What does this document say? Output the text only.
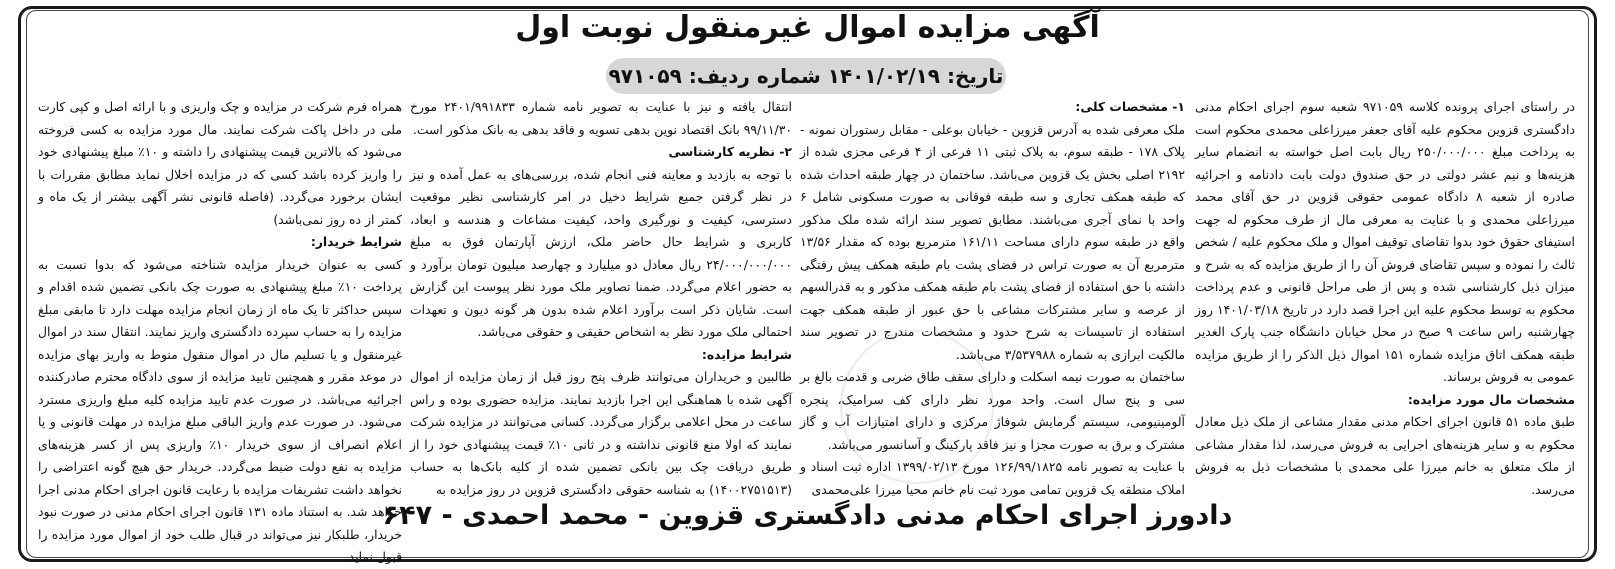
آگهی مزایده اموال غیرمنقول نوبت اول
تاریخ: ۱۴۰۱/۰۲/۱۹ شماره ردیف: ۹۷۱۰۵۹

در راستای اجرای پرونده کلاسه ۹۷۱۰۵۹ شعبه سوم اجرای احکام مدنی دادگستری قزوین محکوم علیه آقای جعفر میرزاعلی محمدی محکوم است به پرداخت مبلغ ۲۵۰/۰۰۰/۰۰۰ ریال بابت اصل خواسته به انضمام سایر هزینه‌ها و نیم عشر دولتی در حق صندوق دولت بابت دادنامه و اجرائیه صادره از شعبه ۸ دادگاه عمومی حقوقی قزوین در حق آقای محمد میرزاعلی محمدی و با عنایت به معرفی مال از طرف محکوم له جهت استیفای حقوق خود بدوا تقاضای توقیف اموال و ملک محکوم علیه / شخص ثالث را نموده و سپس تقاضای فروش آن را از طریق مزایده که به شرح و میزان ذیل کارشناسی شده و پس از طی مراحل قانونی و عدم پرداخت محکوم به توسط محکوم علیه این اجرا قصد دارد در تاریخ ۱۴۰۱/۰۳/۱۸ روز چهارشنبه راس ساعت ۹ صبح در محل خیابان دانشگاه جنب پارک الغدیر طبقه همکف اتاق مزایده شماره ۱۵۱ اموال ذیل الذکر را از طریق مزایده عمومی به فروش برساند.

مشخصات مال مورد مزایده:

طبق ماده ۵۱ قانون اجرای احکام مدنی مقدار مشاعی از ملک ذیل معادل محکوم به و سایر هزینه‌های اجرایی به فروش می‌رسد، لذا مقدار مشاعی از ملک متعلق به خانم میرزا علی محمدی با مشخصات ذیل به فروش می‌رسد.

۱- مشخصات کلی:

ملک معرفی شده به آدرس قزوین - خیابان بوعلی - مقابل رستوران نمونه - پلاک ۱۷۸ - طبقه سوم، به پلاک ثبتی ۱۱ فرعی از ۴ فرعی مجزی شده از ۲۱۹۲ اصلی بخش یک قزوین می‌باشد. ساختمان در چهار طبقه احداث شده که طبقه همکف تجاری و سه طبقه فوقانی به صورت مسکونی شامل ۶ واحد با نمای آجری می‌باشند. مطابق تصویر سند ارائه شده ملک مذکور واقع در طبقه سوم دارای مساحت ۱۶۱/۱۱ مترمربع بوده که مقدار ۱۳/۵۶ مترمربع آن به صورت تراس در فضای پشت بام طبقه همکف پیش رفتگی داشته با حق استفاده از فضای پشت بام طبقه همکف مذکور و به قدرالسهم از عرصه و سایر مشترکات مشاعی با حق عبور از طبقه همکف جهت استفاده از تاسیسات به شرح حدود و مشخصات مندرج در تصویر سند مالکیت ابرازی به شماره ۳/۵۳۷۹۸۸ می‌باشد.

ساختمان به صورت نیمه اسکلت و دارای سقف طاق ضربی و قدمت بالغ بر سی و پنج سال است. واحد مورد نظر دارای کف سرامیک، پنجره آلومینیومی، سیستم گرمایش شوفاژ مرکزی و دارای امتیازات آب و گاز مشترک و برق به صورت مجزا و نیز فاقد پارکینگ و آسانسور می‌باشد.

با عنایت به تصویر نامه ۱۲۶/۹۹/۱۸۲۵ مورخ ۱۳۹۹/۰۲/۱۳ اداره ثبت اسناد و املاک منطقه یک قزوین تمامی مورد ثبت نام خانم محیا میرزا علی‌محمدی

انتقال یافته و نیز با عنایت به تصویر نامه شماره ۲۴۰۱/۹۹۱۸۳۳ مورخ ۹۹/۱۱/۳۰ بانک اقتصاد نوین بدهی تسویه و فاقد بدهی به بانک مذکور است.

۲- نظریه کارشناسی

با توجه به بازدید و معاینه فنی انجام شده، بررسی‌های به عمل آمده و نیز در نظر گرفتن جمیع شرایط دخیل در امر کارشناسی نظیر موقعیت دسترسی، کیفیت و نورگیری واحد، کیفیت مشاعات و هندسه و ابعاد، کاربری و شرایط حال حاضر ملک، ارزش آپارتمان فوق به مبلغ ۲۴/۰۰۰/۰۰۰/۰۰۰ ریال معادل دو میلیارد و چهارصد میلیون تومان برآورد و به حضور اعلام می‌گردد. ضمنا تصاویر ملک مورد نظر پیوست این گزارش است. شایان ذکر است برآورد اعلام شده بدون هر گونه دیون و تعهدات احتمالی ملک مورد نظر به اشخاص حقیقی و حقوقی می‌باشد.

شرایط مزایده:

طالبین و خریداران می‌توانند ظرف پنج روز قبل از زمان مزایده از اموال آگهی شده با هماهنگی این اجرا بازدید نمایند. مزایده حضوری بوده و راس ساعت در محل اعلامی برگزار می‌گردد. کسانی می‌توانند در مزایده شرکت نمایند که اولا منع قانونی نداشته و در ثانی ۱۰٪ قیمت پیشنهادی خود را از طریق دریافت چک بین بانکی تضمین شده از کلیه بانک‌ها به حساب (۱۴۰۰۲۷۵۱۵۱۳) به شناسه حقوقی دادگستری قزوین در روز مزایده به

همراه فرم شرکت در مزایده و چک واریزی و با ارائه اصل و کپی کارت ملی در داخل پاکت شرکت نمایند. مال مورد مزایده به کسی فروخته می‌شود که بالاترین قیمت پیشنهادی را داشته و ۱۰٪ مبلغ پیشنهادی خود را واریز کرده باشد کسی که در مزایده اخلال نماید مطابق مقررات با ایشان برخورد می‌گردد. (فاصله قانونی نشر آگهی بیشتر از یک ماه و کمتر از ده روز نمی‌باشد)

شرایط خریدار:

کسی به عنوان خریدار مزایده شناخته می‌شود که بدوا نسبت به پرداخت ۱۰٪ مبلغ پیشنهادی به صورت چک بانکی تضمین شده اقدام و سپس حداکثر تا یک ماه از زمان انجام مزایده مهلت دارد تا مابقی مبلغ مزایده را به حساب سپرده دادگستری واریز نمایند. انتقال سند در اموال غیرمنقول و یا تسلیم مال در اموال منقول منوط به واریز بهای مزایده در موعد مقرر و همچنین تایید مزایده از سوی دادگاه محترم صادرکننده اجرائیه می‌باشد. در صورت عدم تایید مزایده کلیه مبلغ واریزی مسترد می‌شود. در صورت عدم واریز الباقی مبلغ مزایده در مهلت قانونی و یا اعلام انصراف از سوی خریدار ۱۰٪ واریزی پس از کسر هزینه‌های مزایده به نفع دولت ضبط می‌گردد. خریدار حق هیچ گونه اعتراضی را نخواهد داشت تشریفات مزایده با رعایت قانون اجرای احکام مدنی اجرا خواهد شد. به استناد ماده ۱۳۱ قانون اجرای احکام مدنی در صورت نبود خریدار، طلبکار نیز می‌تواند در قبال طلب خود از اموال مورد مزایده را قبول نماید.

دادورز اجرای احکام مدنی دادگستری قزوین - محمد احمدی - ۶۴۷
